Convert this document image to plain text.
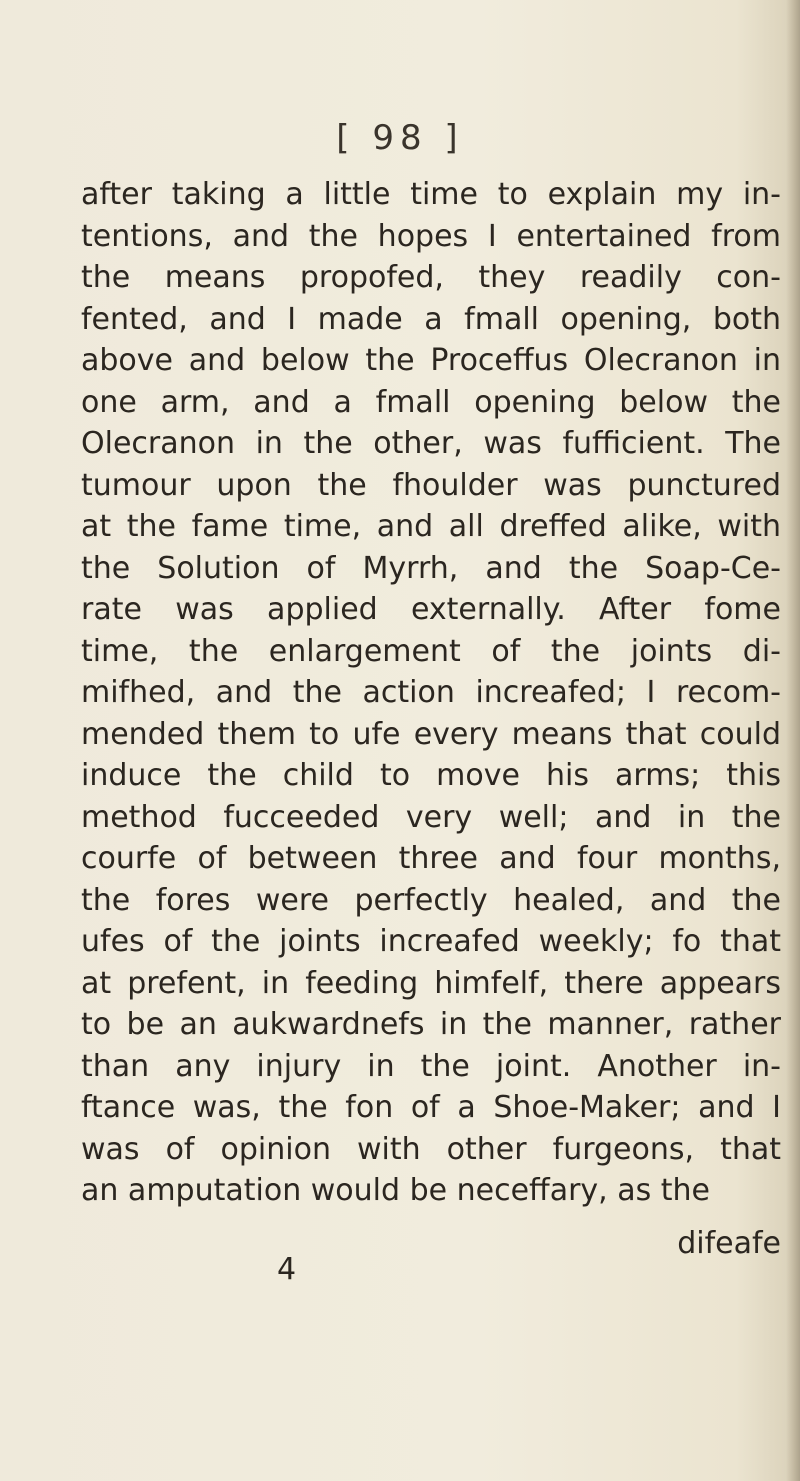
[ 98 ]
after taking a little time to explain my in-
tentions, and the hopes I entertained from
the means propofed, they readily con-
fented, and I made a fmall opening, both
above and below the Proceffus Olecranon in
one arm, and a fmall opening below the
Olecranon in the other, was fufficient. The
tumour upon the fhoulder was punctured
at the fame time, and all dreffed alike, with
the Solution of Myrrh, and the Soap-Ce-
rate was applied externally. After fome
time, the enlargement of the joints di-
mifhed, and the action increafed; I recom-
mended them to ufe every means that could
induce the child to move his arms; this
method fucceeded very well; and in the
courfe of between three and four months,
the fores were perfectly healed, and the
ufes of the joints increafed weekly; fo that
at prefent, in feeding himfelf, there appears
to be an aukwardnefs in the manner, rather
than any injury in the joint. Another in-
ftance was, the fon of a Shoe-Maker; and I
was of opinion with other furgeons, that
an amputation would be neceffary, as the
4
difeafe
